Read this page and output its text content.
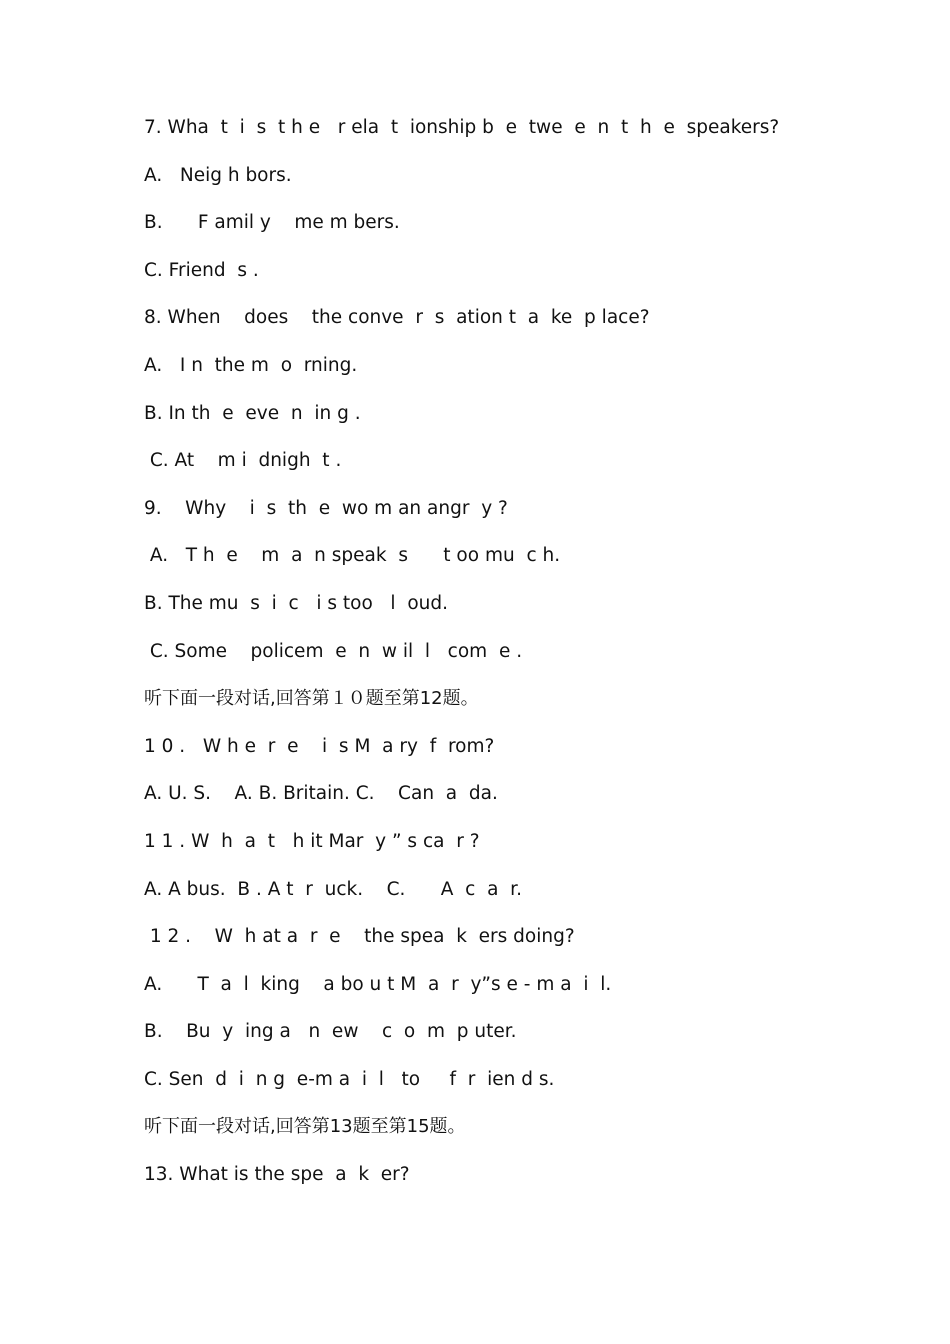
7. Wha  t  i  s  t h e   r ela  t  ionship b  e  twe  e  n  t  h  e  speakers?
A.   Neig h bors.
B.      F amil y    me m bers.
C. Friend  s .
8. When    does    the conve  r  s  ation t  a  ke  p lace?
A.   I n  the m  o  rning.
B. In th  e  eve  n  in g .
C. At    m i  dnigh  t .
9.    Why    i  s  th  e  wo m an angr  y ?
A.   T h  e    m  a  n speak  s      t oo mu  c h.
B. The mu  s  i  c   i s too   l  oud.
C. Some    policem  e  n  w il  l   com  e .
听下面一段对话,回答第１０题至第12题。
1 0 .   W h e  r  e    i  s M  a ry  f  rom?
A. U. S.    A. B. Britain. C.    Can  a  da.
1 1 . W  h  a  t   h it Mar  y ” s ca  r ?
A. A bus.  B . A t  r  uck.    C.      A  c  a  r.
1 2 .    W  h at a  r  e    the spea  k  ers doing?
A.      T  a  l  king    a bo u t M  a  r  y”s e - m a  i  l.
B.    Bu  y  ing a   n  ew    c  o  m  p uter.
C. Sen  d  i  n g  e-m a  i  l   to     f  r  ien d s.
听下面一段对话,回答第13题至第15题。
13. What is the spe  a  k  er?
